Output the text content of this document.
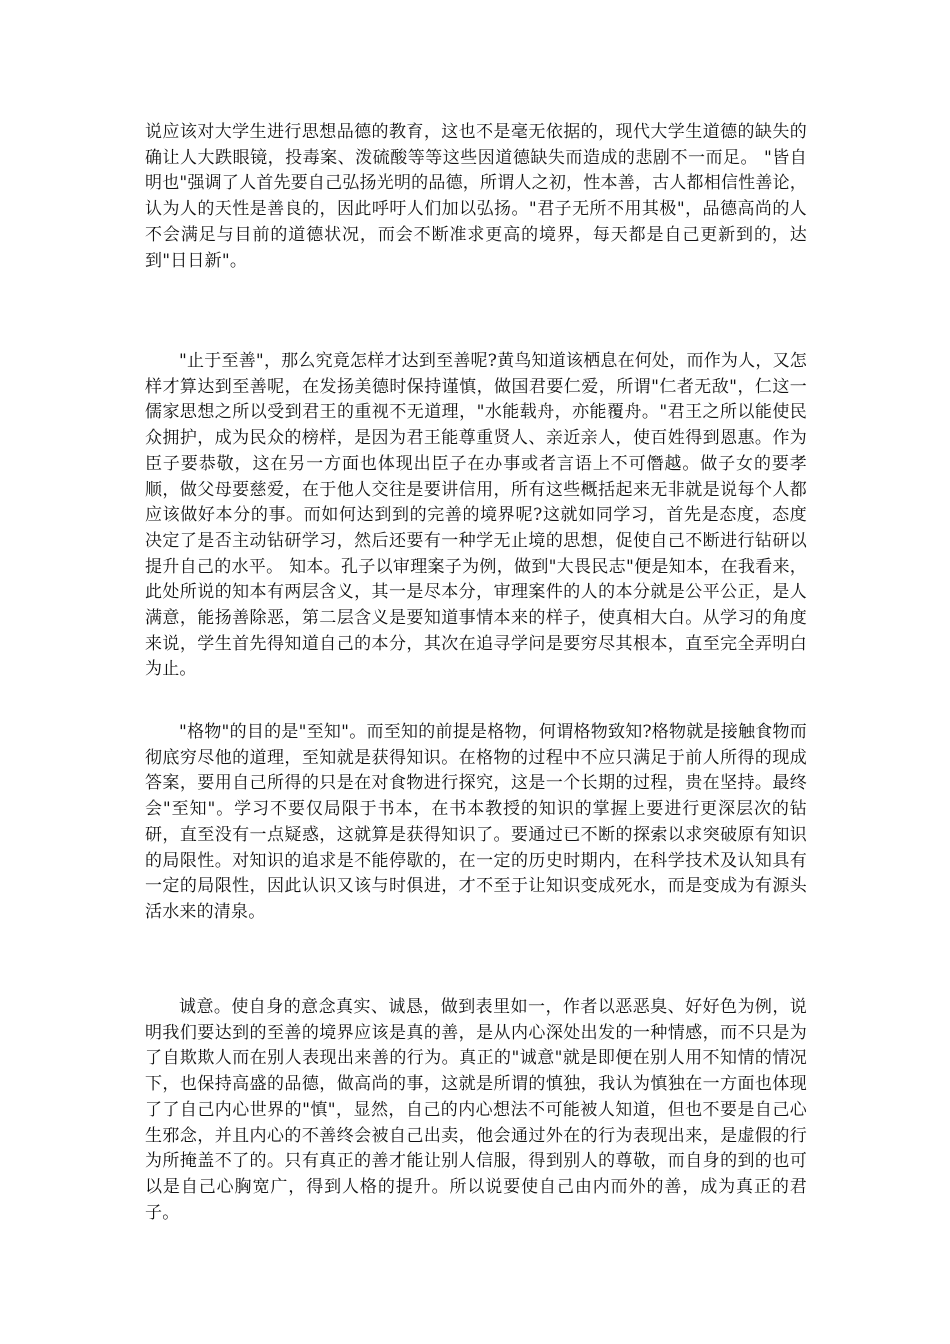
说应该对大学生进行思想品德的教育，这也不是毫无依据的，现代大学生道德的缺失的确让人大跌眼镜，投毒案、泼硫酸等等这些因道德缺失而造成的悲剧不一而足。 "皆自明也"强调了人首先要自己弘扬光明的品德，所谓人之初，性本善，古人都相信性善论，认为人的天性是善良的，因此呼吁人们加以弘扬。"君子无所不用其极"，品德高尚的人不会满足与目前的道德状况，而会不断准求更高的境界，每天都是自己更新到的，达到"日日新"。

"止于至善"，那么究竟怎样才达到至善呢?黄鸟知道该栖息在何处，而作为人，又怎样才算达到至善呢，在发扬美德时保持谨慎，做国君要仁爱，所谓"仁者无敌"，仁这一儒家思想之所以受到君王的重视不无道理，"水能载舟，亦能覆舟。"君王之所以能使民众拥护，成为民众的榜样，是因为君王能尊重贤人、亲近亲人，使百姓得到恩惠。作为臣子要恭敬，这在另一方面也体现出臣子在办事或者言语上不可僭越。做子女的要孝顺，做父母要慈爱，在于他人交往是要讲信用，所有这些概括起来无非就是说每个人都应该做好本分的事。而如何达到到的完善的境界呢?这就如同学习，首先是态度，态度决定了是否主动钻研学习，然后还要有一种学无止境的思想，促使自己不断进行钻研以提升自己的水平。 知本。孔子以审理案子为例，做到"大畏民志"便是知本，在我看来，此处所说的知本有两层含义，其一是尽本分，审理案件的人的本分就是公平公正，是人满意，能扬善除恶，第二层含义是要知道事情本来的样子，使真相大白。从学习的角度来说，学生首先得知道自己的本分，其次在追寻学问是要穷尽其根本，直至完全弄明白为止。

"格物"的目的是"至知"。而至知的前提是格物，何谓格物致知?格物就是接触食物而彻底穷尽他的道理，至知就是获得知识。在格物的过程中不应只满足于前人所得的现成答案，要用自己所得的只是在对食物进行探究，这是一个长期的过程，贵在坚持。最终会"至知"。学习不要仅局限于书本，在书本教授的知识的掌握上要进行更深层次的钻研，直至没有一点疑惑，这就算是获得知识了。要通过已不断的探索以求突破原有知识的局限性。对知识的追求是不能停歇的，在一定的历史时期内，在科学技术及认知具有一定的局限性，因此认识又该与时俱进，才不至于让知识变成死水，而是变成为有源头活水来的清泉。

诚意。使自身的意念真实、诚恳，做到表里如一，作者以恶恶臭、好好色为例，说明我们要达到的至善的境界应该是真的善，是从内心深处出发的一种情感，而不只是为了自欺欺人而在别人表现出来善的行为。真正的"诚意"就是即便在别人用不知情的情况下，也保持高盛的品德，做高尚的事，这就是所谓的慎独，我认为慎独在一方面也体现了了自己内心世界的"慎"，显然，自己的内心想法不可能被人知道，但也不要是自己心生邪念，并且内心的不善终会被自己出卖，他会通过外在的行为表现出来，是虚假的行为所掩盖不了的。只有真正的善才能让别人信服，得到别人的尊敬，而自身的到的也可以是自己心胸宽广，得到人格的提升。所以说要使自己由内而外的善，成为真正的君子。
